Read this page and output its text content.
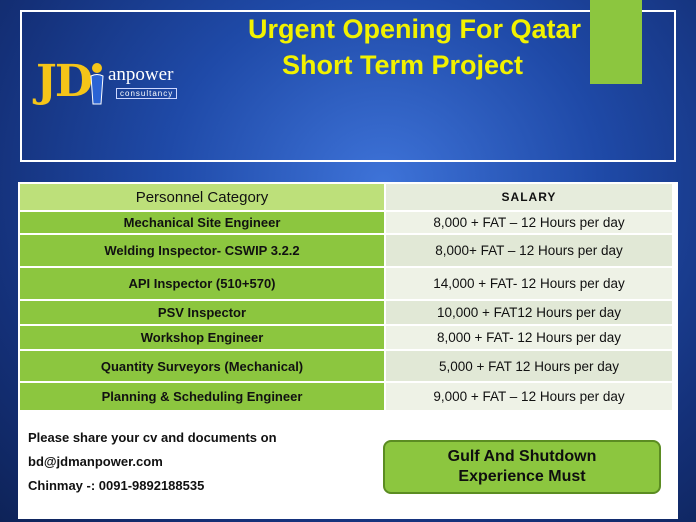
Urgent Opening For Qatar
Short Term Project
JD anpower
consultancy
Personnel Category	SALARY
Mechanical Site Engineer	8,000 + FAT – 12 Hours per day
Welding Inspector- CSWIP 3.2.2	8,000+ FAT – 12 Hours per day
API Inspector (510+570)	14,000 + FAT- 12 Hours per day
PSV Inspector	10,000 + FAT12 Hours per day
Workshop Engineer	8,000 + FAT- 12 Hours per day
Quantity Surveyors (Mechanical)	5,000 + FAT 12 Hours per day
Planning & Scheduling Engineer	9,000 + FAT – 12 Hours per day
Please share your cv and documents on
bd@jdmanpower.com
Chinmay -: 0091-9892188535
Gulf And Shutdown
Experience Must
